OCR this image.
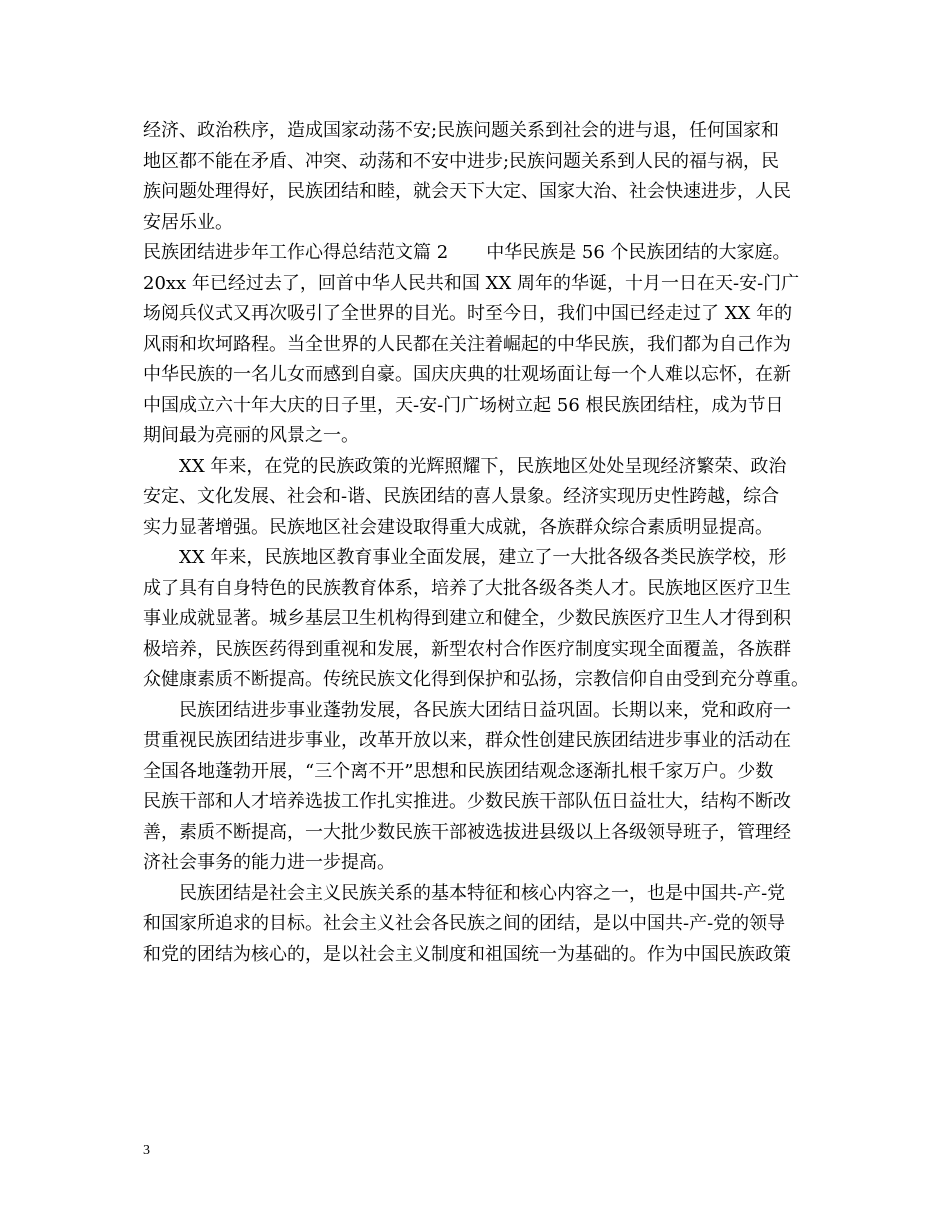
经济、政治秩序，造成国家动荡不安;民族问题关系到社会的进与退，任何国家和
地区都不能在矛盾、冲突、动荡和不安中进步;民族问题关系到人民的福与祸，民
族问题处理得好，民族团结和睦，就会天下大定、国家大治、社会快速进步，人民
安居乐业。
民族团结进步年工作心得总结范文篇 2 中华民族是 56 个民族团结的大家庭。
20xx 年已经过去了，回首中华人民共和国 XX 周年的华诞，十月一日在天-安-门广
场阅兵仪式又再次吸引了全世界的目光。时至今日，我们中国已经走过了 XX 年的
风雨和坎坷路程。当全世界的人民都在关注着崛起的中华民族，我们都为自己作为
中华民族的一名儿女而感到自豪。国庆庆典的壮观场面让每一个人难以忘怀，在新
中国成立六十年大庆的日子里，天-安-门广场树立起 56 根民族团结柱，成为节日
期间最为亮丽的风景之一。
XX 年来，在党的民族政策的光辉照耀下，民族地区处处呈现经济繁荣、政治
安定、文化发展、社会和-谐、民族团结的喜人景象。经济实现历史性跨越，综合
实力显著增强。民族地区社会建设取得重大成就，各族群众综合素质明显提高。
XX 年来，民族地区教育事业全面发展，建立了一大批各级各类民族学校，形
成了具有自身特色的民族教育体系，培养了大批各级各类人才。民族地区医疗卫生
事业成就显著。城乡基层卫生机构得到建立和健全，少数民族医疗卫生人才得到积
极培养，民族医药得到重视和发展，新型农村合作医疗制度实现全面覆盖，各族群
众健康素质不断提高。传统民族文化得到保护和弘扬，宗教信仰自由受到充分尊重。
民族团结进步事业蓬勃发展，各民族大团结日益巩固。长期以来，党和政府一
贯重视民族团结进步事业，改革开放以来，群众性创建民族团结进步事业的活动在
全国各地蓬勃开展，“三个离不开”思想和民族团结观念逐渐扎根千家万户。少数
民族干部和人才培养选拔工作扎实推进。少数民族干部队伍日益壮大，结构不断改
善，素质不断提高，一大批少数民族干部被选拔进县级以上各级领导班子，管理经
济社会事务的能力进一步提高。
民族团结是社会主义民族关系的基本特征和核心内容之一，也是中国共-产-党
和国家所追求的目标。社会主义社会各民族之间的团结，是以中国共-产-党的领导
和党的团结为核心的，是以社会主义制度和祖国统一为基础的。作为中国民族政策
3
